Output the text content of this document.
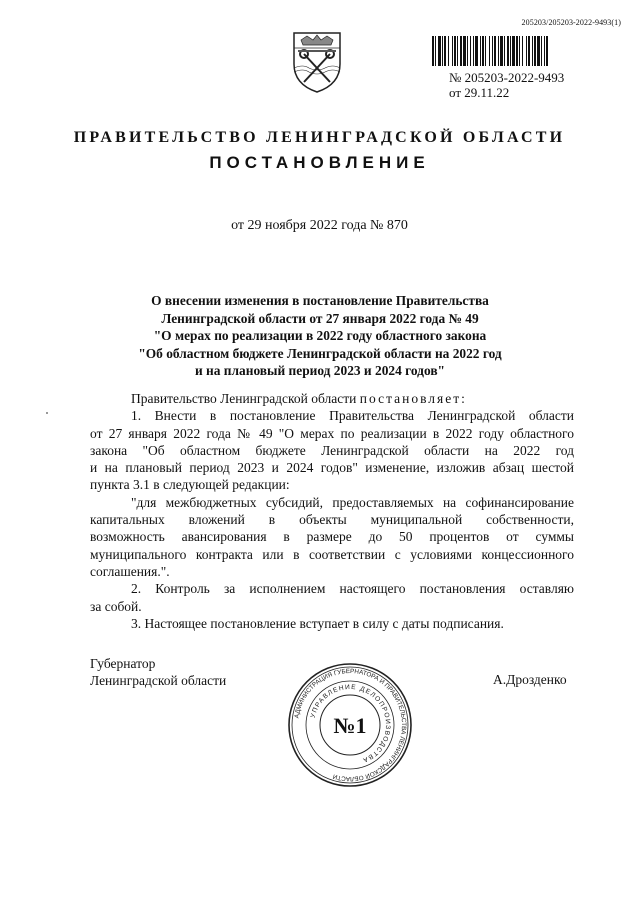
205203/205203-2022-9493(1)
№ 205203-2022-9493
от 29.11.22
ПРАВИТЕЛЬСТВО ЛЕНИНГРАДСКОЙ ОБЛАСТИ
ПОСТАНОВЛЕНИЕ
от 29 ноября 2022 года № 870
О внесении изменения в постановление Правительства
Ленинградской области от 27 января 2022 года № 49
"О мерах по реализации в 2022 году областного закона
"Об областном бюджете Ленинградской области на 2022 год
и на плановый период 2023 и 2024 годов"

Правительство Ленинградской области постановляет:

1. Внести в постановление Правительства Ленинградской области

от 27 января 2022 года № 49 "О мерах по реализации в 2022 году областного

закона "Об областном бюджете Ленинградской области на 2022 год

и на плановый период 2023 и 2024 годов" изменение, изложив абзац шестой

пункта 3.1 в следующей редакции:

"для межбюджетных субсидий, предоставляемых на софинансирование

капитальных вложений в объекты муниципальной собственности,

возможность авансирования в размере до 50 процентов от суммы

муниципального контракта или в соответствии с условиями концессионного

соглашения.".

2. Контроль за исполнением настоящего постановления оставляю

за собой.

3. Настоящее постановление вступает в силу с даты подписания.

Губернатор
Ленинградской области	А.Дрозденко
АДМИНИСТРАЦИЯ ГУБЕРНАТОРА И ПРАВИТЕЛЬСТВА ЛЕНИНГРАДСКОЙ ОБЛАСТИ
УПРАВЛЕНИЕ ДЕЛОПРОИЗВОДСТВА
№1
